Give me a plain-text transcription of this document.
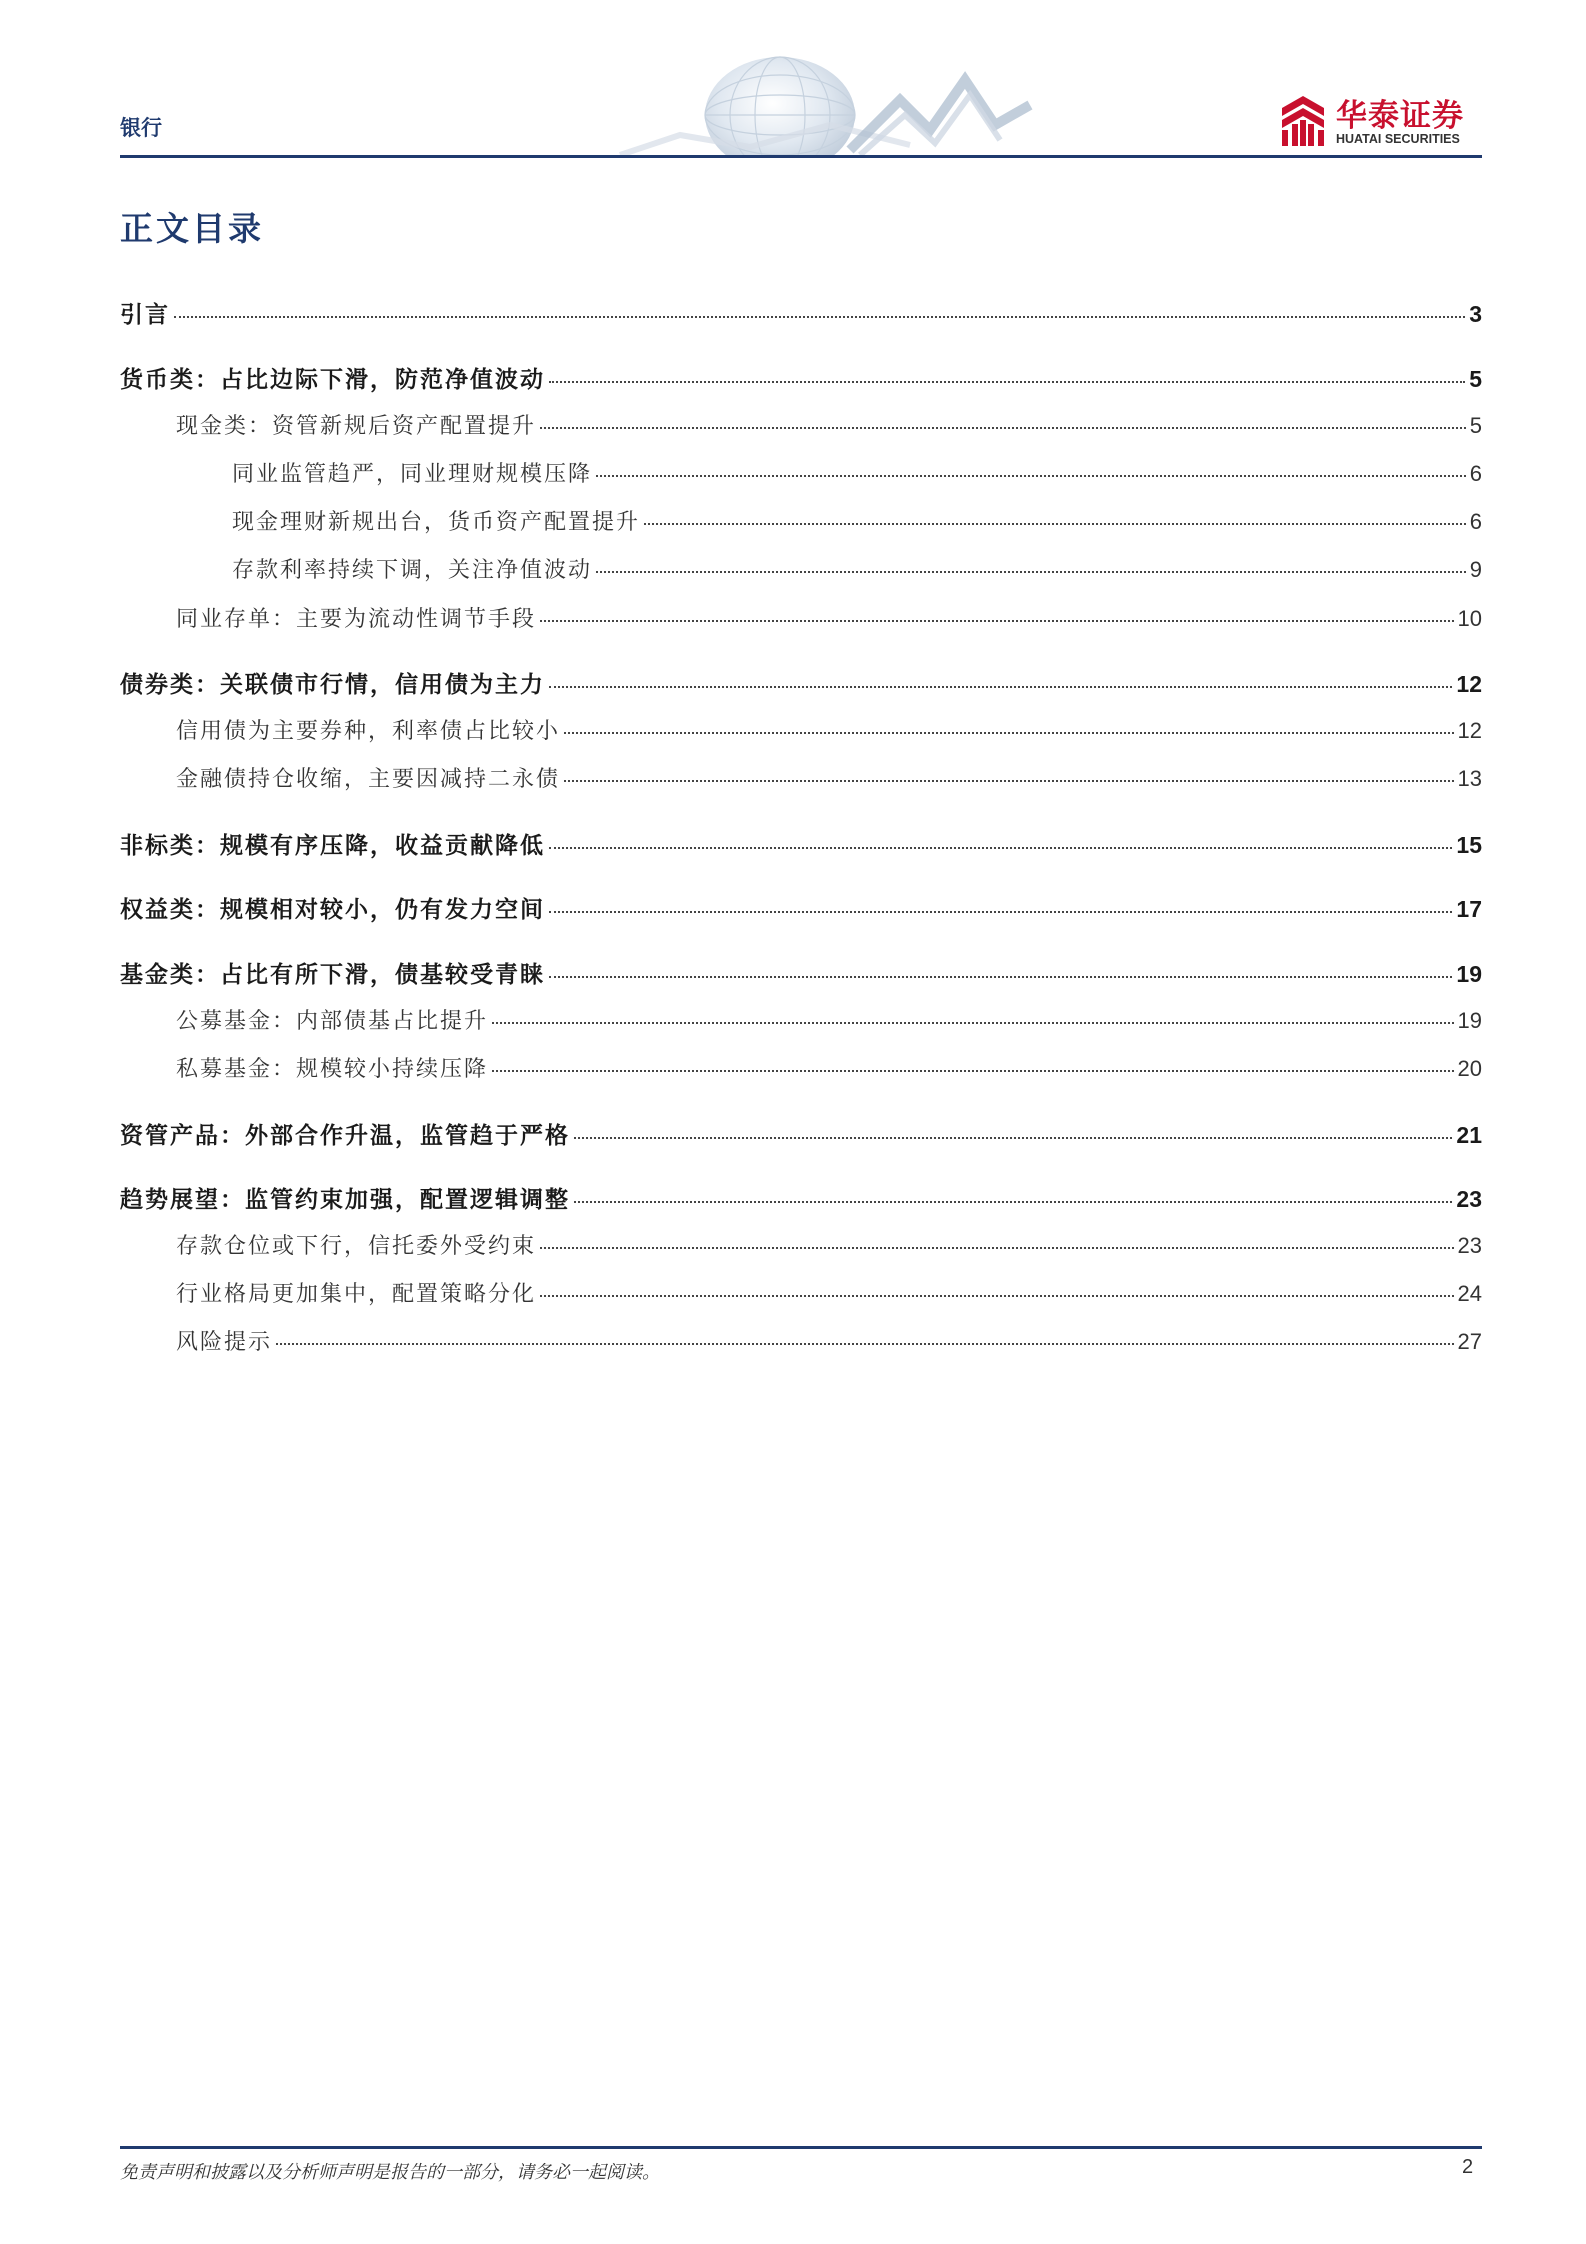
银行	华泰证券
HUATAI SECURITIES
正文目录
引言	3
货币类：占比边际下滑，防范净值波动	5
现金类：资管新规后资产配置提升	5
同业监管趋严，同业理财规模压降	6
现金理财新规出台，货币资产配置提升	6
存款利率持续下调，关注净值波动	9
同业存单：主要为流动性调节手段	10
债券类：关联债市行情，信用债为主力	12
信用债为主要券种，利率债占比较小	12
金融债持仓收缩，主要因减持二永债	13
非标类：规模有序压降，收益贡献降低	15
权益类：规模相对较小，仍有发力空间	17
基金类：占比有所下滑，债基较受青睐	19
公募基金：内部债基占比提升	19
私募基金：规模较小持续压降	20
资管产品：外部合作升温，监管趋于严格	21
趋势展望：监管约束加强，配置逻辑调整	23
存款仓位或下行，信托委外受约束	23
行业格局更加集中，配置策略分化	24
风险提示	27
免责声明和披露以及分析师声明是报告的一部分，请务必一起阅读。	2
